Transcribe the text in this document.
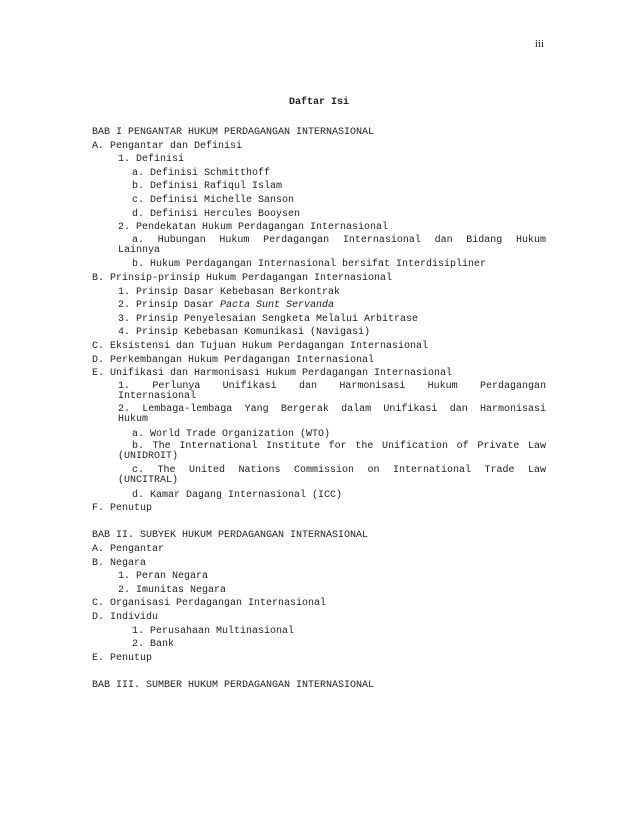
iii
Daftar Isi
BAB I PENGANTAR HUKUM PERDAGANGAN INTERNASIONAL
A. Pengantar dan Definisi
1. Definisi
a. Definisi Schmitthoff
b. Definisi Rafiqul Islam
c. Definisi Michelle Sanson
d. Definisi Hercules Booysen
2. Pendekatan Hukum Perdagangan Internasional
a. Hubungan Hukum Perdagangan Internasional dan Bidang Hukum
Lainnya
b. Hukum Perdagangan Internasional bersifat Interdisipliner
B. Prinsip-prinsip Hukum Perdagangan Internasional
1. Prinsip Dasar Kebebasan Berkontrak
2. Prinsip Dasar Pacta Sunt Servanda
3. Prinsip Penyelesaian Sengketa Melalui Arbitrase
4. Prinsip Kebebasan Komunikasi (Navigasi)
C. Eksistensi dan Tujuan Hukum Perdagangan Internasional
D. Perkembangan Hukum Perdagangan Internasional
E. Unifikasi dan Harmonisasi Hukum Perdagangan Internasional
1. Perlunya Unifikasi dan Harmonisasi Hukum Perdagangan
Internasional
2. Lembaga-lembaga Yang Bergerak dalam Unifikasi dan Harmonisasi
Hukum
a. World Trade Organization (WTO)
b. The International Institute for the Unification of Private Law
(UNIDROIT)
c. The United Nations Commission on International Trade Law
(UNCITRAL)
d. Kamar Dagang Internasional (ICC)
F. Penutup
BAB II. SUBYEK HUKUM PERDAGANGAN INTERNASIONAL
A. Pengantar
B. Negara
1. Peran Negara
2. Imunitas Negara
C. Organisasi Perdagangan Internasional
D. Individu
1. Perusahaan Multinasional
2. Bank
E. Penutup
BAB III. SUMBER HUKUM PERDAGANGAN INTERNASIONAL
